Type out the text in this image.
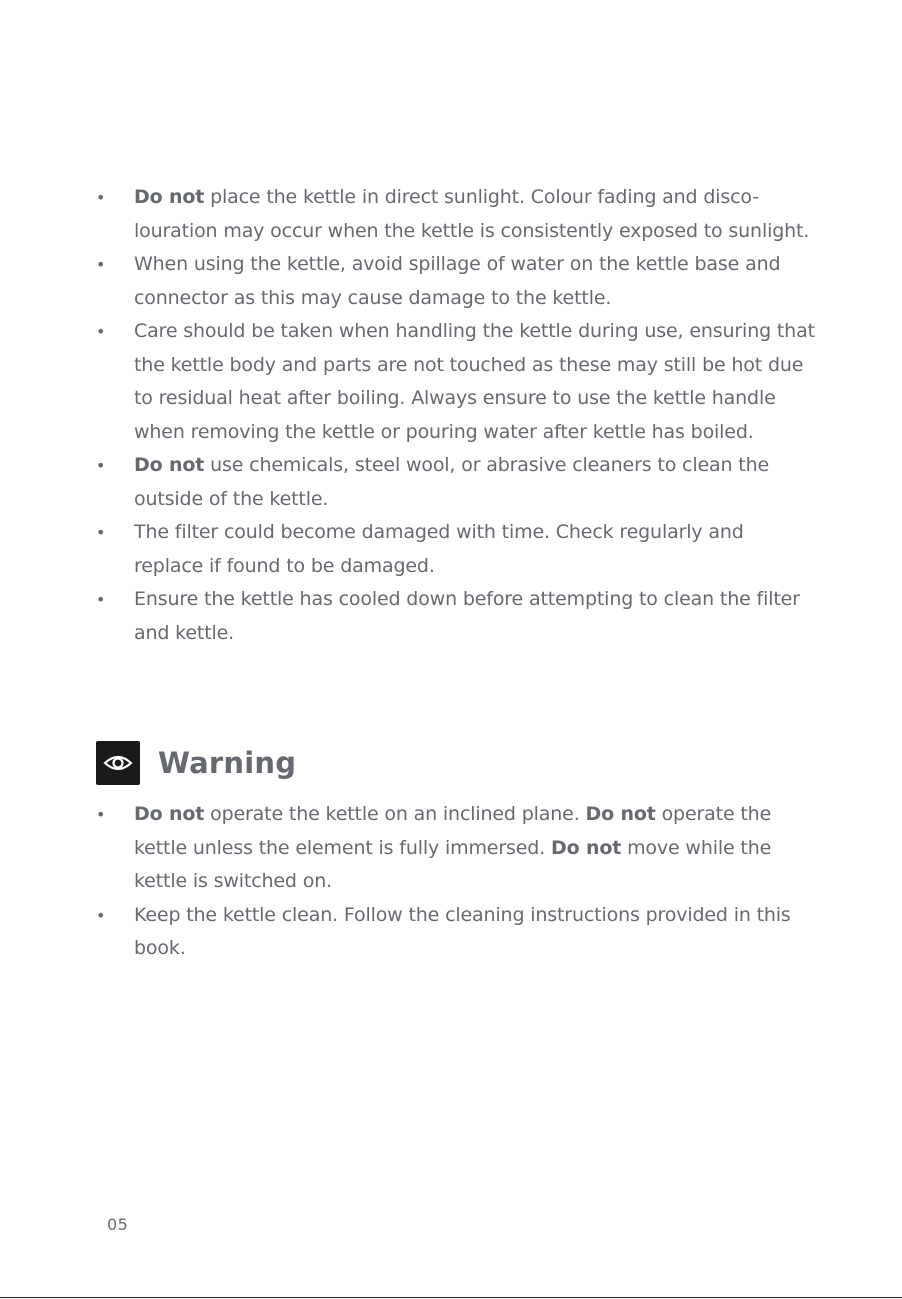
• Do not place the kettle in direct sunlight. Colour fading and disco-louration may occur when the kettle is consistently exposed to sunlight.
• When using the kettle, avoid spillage of water on the kettle base and connector as this may cause damage to the kettle.
• Care should be taken when handling the kettle during use, ensuring that the kettle body and parts are not touched as these may still be hot due to residual heat after boiling. Always ensure to use the kettle handle when removing the kettle or pouring water after kettle has boiled.
• Do not use chemicals, steel wool, or abrasive cleaners to clean the outside of the kettle.
• The filter could become damaged with time. Check regularly and replace if found to be damaged.
• Ensure the kettle has cooled down before attempting to clean the filter and kettle.
Warning
• Do not operate the kettle on an inclined plane. Do not operate the kettle unless the element is fully immersed. Do not move while the kettle is switched on.
• Keep the kettle clean. Follow the cleaning instructions provided in this book.
05
